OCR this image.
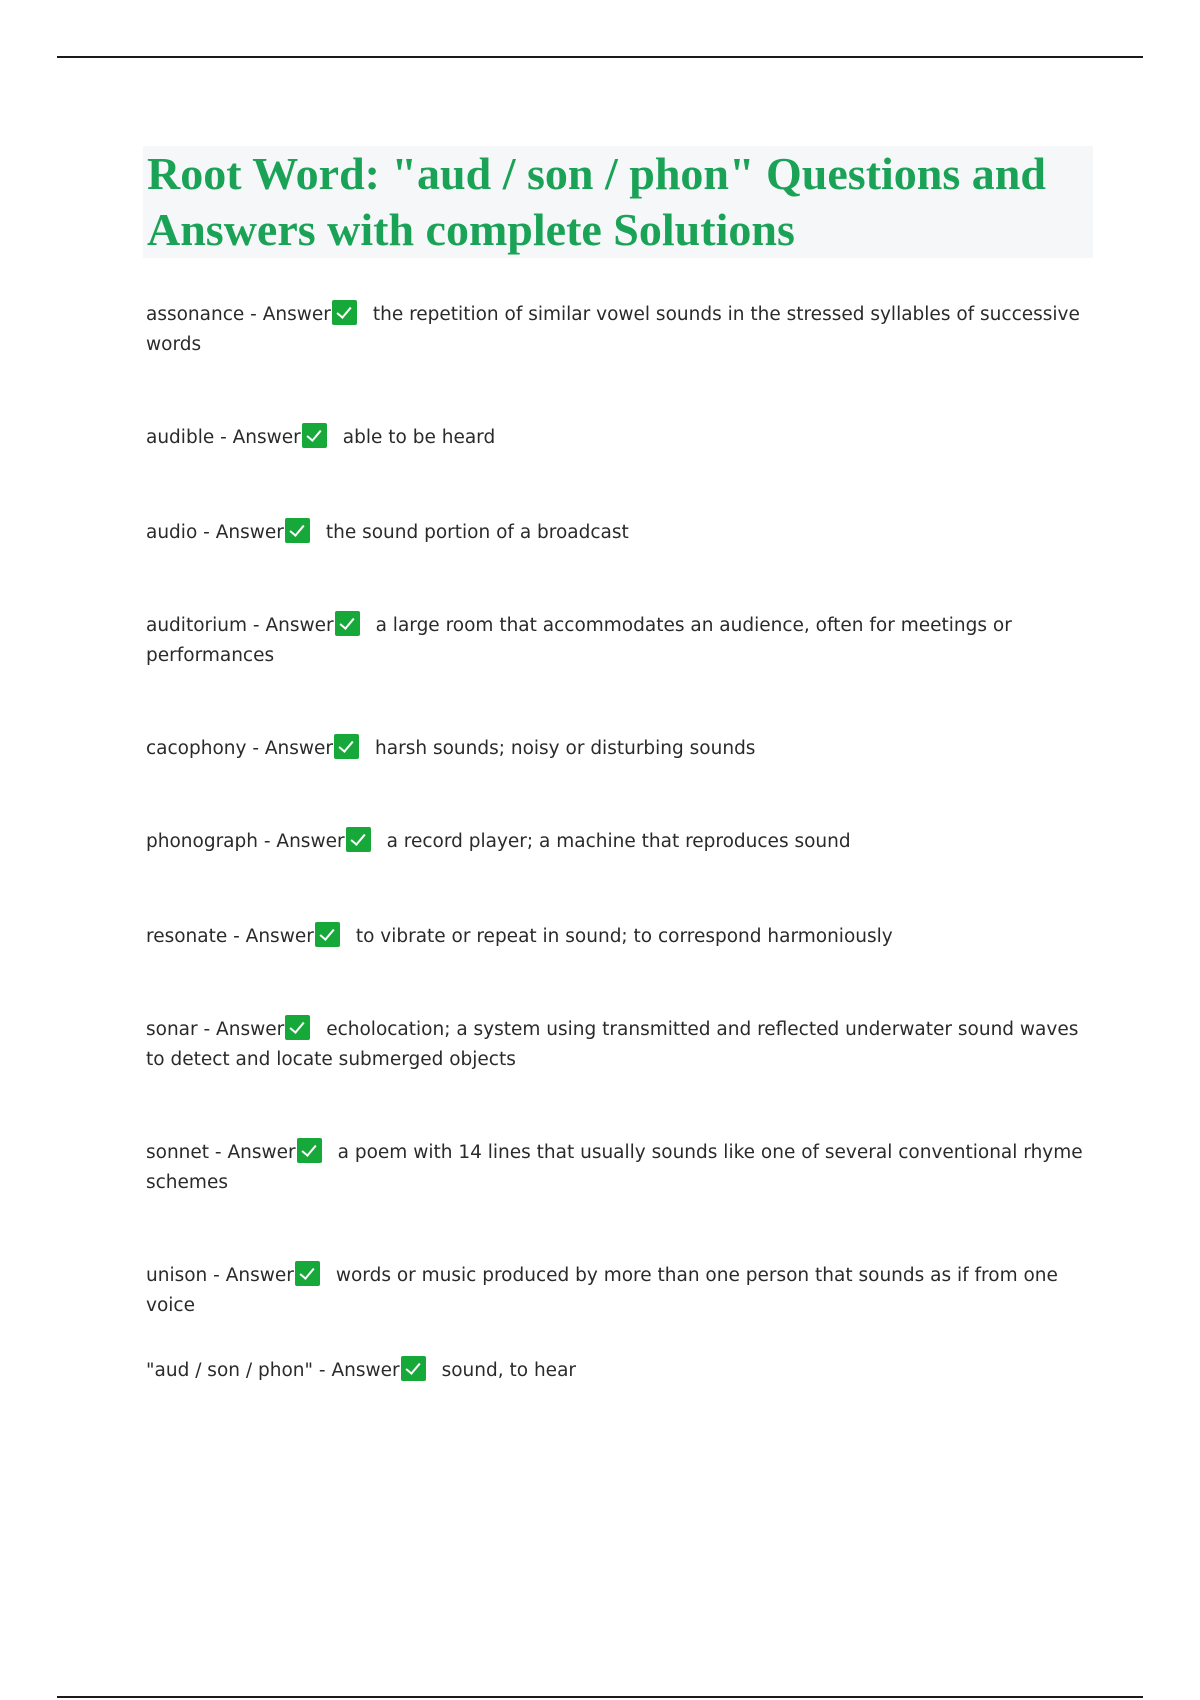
Root Word: "aud / son / phon" Questions and Answers with complete Solutions
assonance - Answer the repetition of similar vowel sounds in the stressed syllables of successive words
audible - Answer able to be heard
audio - Answer the sound portion of a broadcast
auditorium - Answer a large room that accommodates an audience, often for meetings or performances
cacophony - Answer harsh sounds; noisy or disturbing sounds
phonograph - Answer a record player; a machine that reproduces sound
resonate - Answer to vibrate or repeat in sound; to correspond harmoniously
sonar - Answer echolocation; a system using transmitted and reflected underwater sound waves to detect and locate submerged objects
sonnet - Answer a poem with 14 lines that usually sounds like one of several conventional rhyme schemes
unison - Answer words or music produced by more than one person that sounds as if from one voice
"aud / son / phon" - Answer sound, to hear
